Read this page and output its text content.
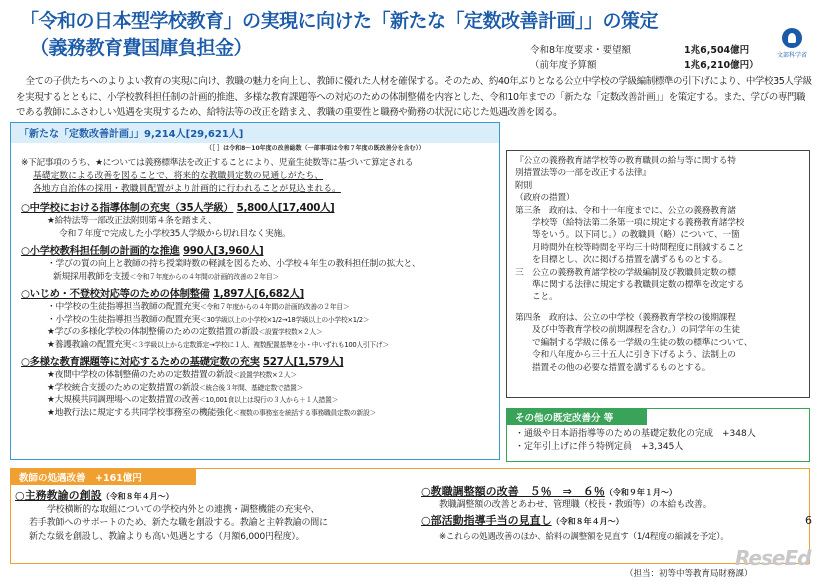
「令和の日本型学校教育」の実現に向けた「新たな「定数改善計画」」の策定
（義務教育費国庫負担金）	令和8年度要求・要望額	1兆6,504億円
（前年度予算額	1兆6,210億円）
文部科学省
全ての子供たちへのよりよい教育の実現に向け、教職の魅力を向上し、教師に優れた人材を確保する。そのため、約40年ぶりとなる公立中学校の学級編制標準の引下げにより、中学校35人学級を実現するとともに、小学校教科担任制の計画的推進、多様な教育課題等への対応のための体制整備を内容とした、令和10年までの「新たな「定数改善計画」」を策定する。また、学びの専門職である教師にふさわしい処遇を実現するため、給特法等の改正を踏まえ、教職の重要性と職務や勤務の状況に応じた処遇改善を図る。
「新たな「定数改善計画」」9,214人[29,621人]
（［ ］は令和8～10年度の改善総数（一部事項は令和７年度の既改善分を含む））
※下記事項のうち、★については義務標準法を改正することにより、児童生徒数等に基づいて算定される
基礎定数による改善を図ることで、将来的な教職員定数の見通しがたち、
各地方自治体の採用・教職員配置がより計画的に行われることが見込まれる。
○中学校における指導体制の充実（35人学級） 5,800人[17,400人]
★給特法等一部改正法附則第４条を踏まえ、
令和７年度で完成した小学校35人学級から切れ目なく実施。
○小学校教科担任制の計画的な推進 990人[3,960人]
・学びの質の向上と教師の持ち授業時数の軽減を図るため、小学校４年生の教科担任制の拡大と、
新規採用教師を支援＜令和７年度からの４年間の計画的改善の２年目＞
○いじめ・不登校対応等のための体制整備 1,897人[6,682人]
・中学校の生徒指導担当教師の配置充実＜令和７年度からの４年間の計画的改善の２年目＞
・小学校の生徒指導担当教師の配置充実＜30学級以上の小学校×1/2→18学級以上の小学校×1/2＞
★学びの多様化学校の体制整備のための定数措置の新設＜設置学校数×２人＞
★養護教諭の配置充実＜３学級以上から定数算定→学校に１人、複数配置基準を小・中いずれも100人引下げ＞
○多様な教育課題等に対応するための基礎定数の充実 527人[1,579人]
★夜間中学校の体制整備のための定数措置の新設＜設置学校数×２人＞
★学校統合支援のための定数措置の新設＜統合後３年間、基礎定数で措置＞
★大規模共同調理場への定数措置の改善＜10,001食以上は現行の３人から＋１人措置＞
★地教行法に規定する共同学校事務室の機能強化＜複数の事務室を統括する事務職員定数の新設＞
『公立の義務教育諸学校等の教育職員の給与等に関する特
別措置法等の一部を改正する法律』
附則
（政府の措置）
第三条　政府は、令和十一年度までに、公立の義務教育諸
　　学校等（給特法第二条第一項に規定する義務教育諸学校
　　等をいう。以下同じ。）の教職員（略）について、一箇
　　月時間外在校等時間を平均三十時間程度に削減すること
　　を目標とし、次に掲げる措置を講ずるものとする。
三　公立の義務教育諸学校の学級編制及び教職員定数の標
　　準に関する法律に規定する教職員定数の標準を改定する
　　こと。
第四条　政府は、公立の中学校（義務教育学校の後期課程
　　及び中等教育学校の前期課程を含む。）の同学年の生徒
　　で編制する学級に係る一学級の生徒の数の標準について、
　　令和八年度から三十五人に引き下げるよう、法制上の
　　措置その他の必要な措置を講ずるものとする。
その他の既定改善分 等
・通級や日本語指導等のための基礎定数化の完成　+348人
・定年引上げに伴う特例定員　+3,345人
教師の処遇改善　+161億円
○主務教諭の創設（令和８年４月～）
学校横断的な取組についての学校内外との連携・調整機能の充実や、
若手教師へのサポートのため、新たな職を創設する。教諭と主幹教諭の間に
新たな級を創設し、教諭よりも高い処遇とする（月額6,000円程度）。
○教職調整額の改善　５％　⇒　６％（令和９年１月～）
教職調整額の改善とあわせ、管理職（校長・教頭等）の本給も改善。
○部活動指導手当の見直し（令和８年４月～）
※これらの処遇改善のほか、給料の調整額を見直す（1/4程度の縮減を予定）。
6
（担当：初等中等教育局財務課）
ReseEd
